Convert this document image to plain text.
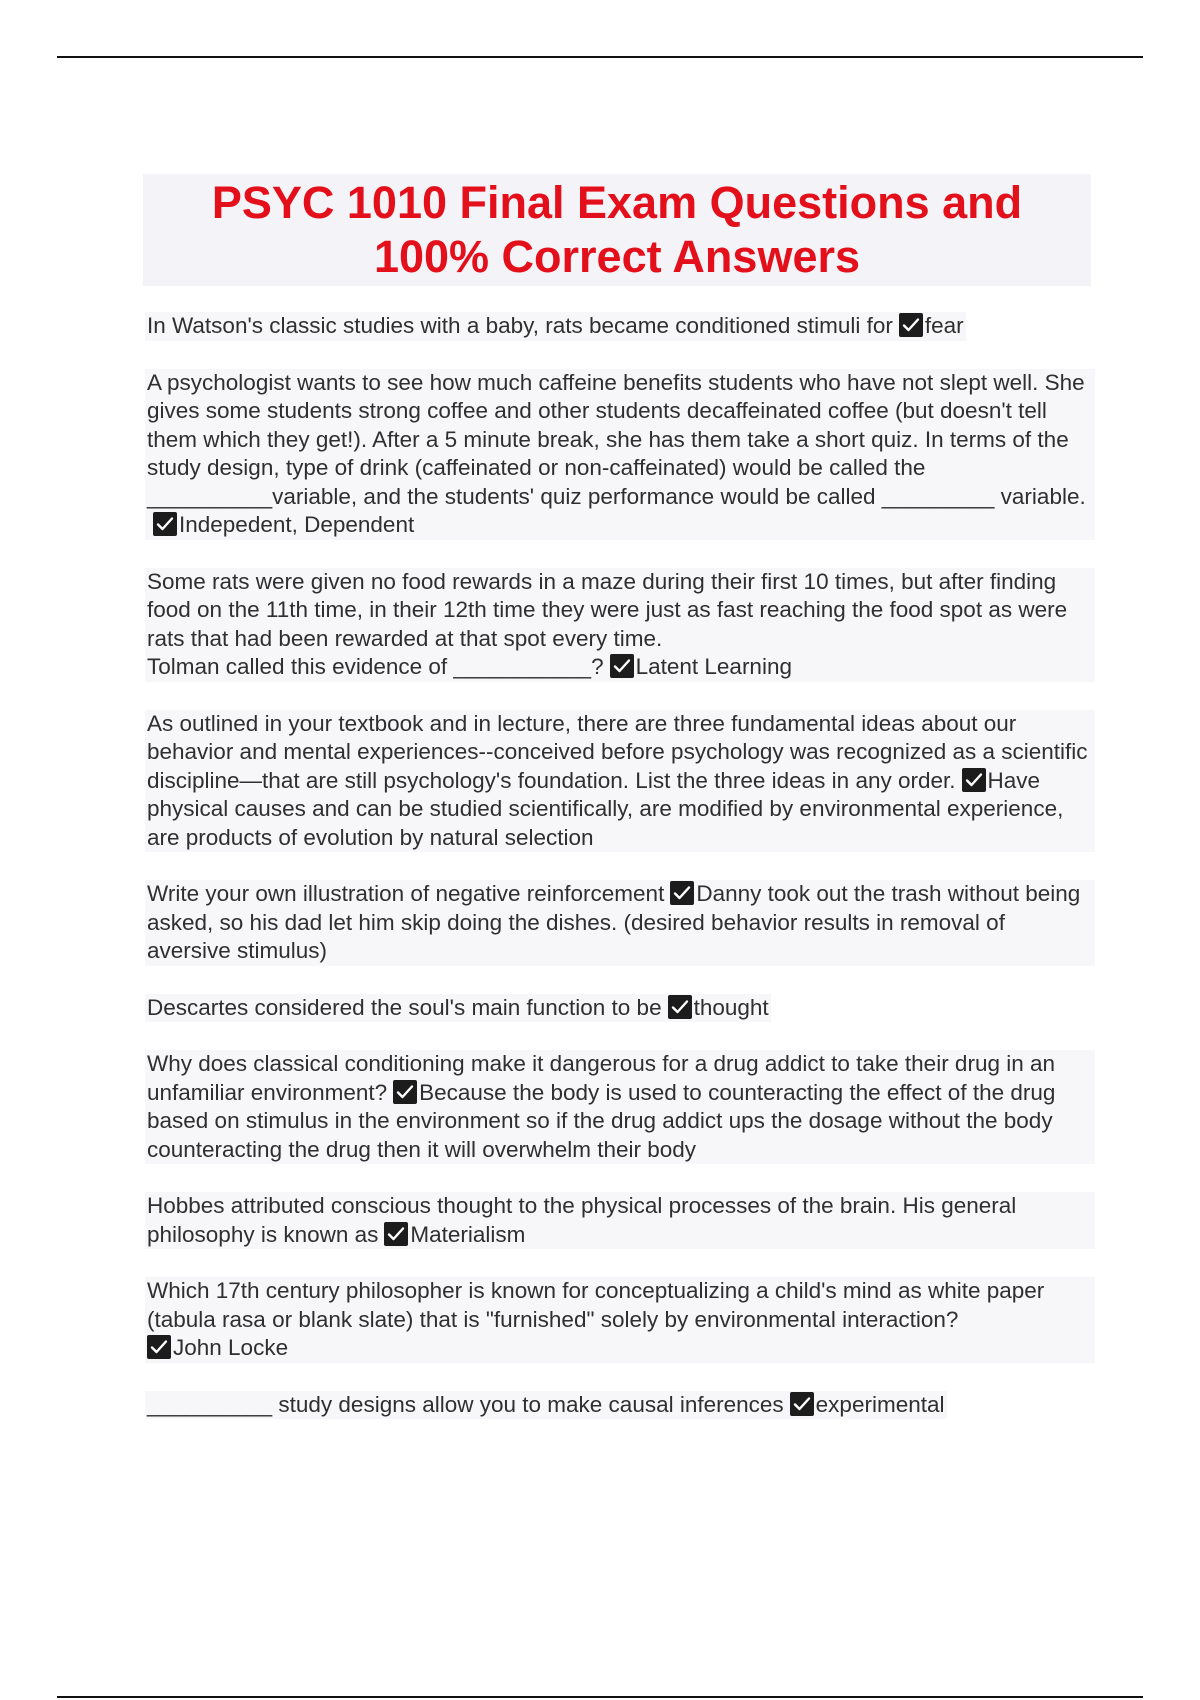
PSYC 1010 Final Exam Questions and
100% Correct Answers

In Watson's classic studies with a baby, rats became conditioned stimuli for fear

A psychologist wants to see how much caffeine benefits students who have not slept well. She gives some students strong coffee and other students decaffeinated coffee (but doesn't tell them which they get!). After a 5 minute break, she has them take a short quiz. In terms of the study design, type of drink (caffeinated or non-caffeinated) would be called the __________variable, and the students' quiz performance would be called _________ variable.
Indepedent, Dependent

Some rats were given no food rewards in a maze during their first 10 times, but after finding food on the 11th time, in their 12th time they were just as fast reaching the food spot as were rats that had been rewarded at that spot every time.
Tolman called this evidence of ___________? Latent Learning

As outlined in your textbook and in lecture, there are three fundamental ideas about our behavior and mental experiences--conceived before psychology was recognized as a scientific discipline—that are still psychology's foundation. List the three ideas in any order. Have physical causes and can be studied scientifically, are modified by environmental experience, are products of evolution by natural selection

Write your own illustration of negative reinforcement Danny took out the trash without being asked, so his dad let him skip doing the dishes. (desired behavior results in removal of aversive stimulus)

Descartes considered the soul's main function to be thought

Why does classical conditioning make it dangerous for a drug addict to take their drug in an unfamiliar environment? Because the body is used to counteracting the effect of the drug based on stimulus in the environment so if the drug addict ups the dosage without the body counteracting the drug then it will overwhelm their body

Hobbes attributed conscious thought to the physical processes of the brain. His general philosophy is known as Materialism

Which 17th century philosopher is known for conceptualizing a child's mind as white paper (tabula rasa or blank slate) that is "furnished" solely by environmental interaction?
John Locke

__________ study designs allow you to make causal inferences experimental
